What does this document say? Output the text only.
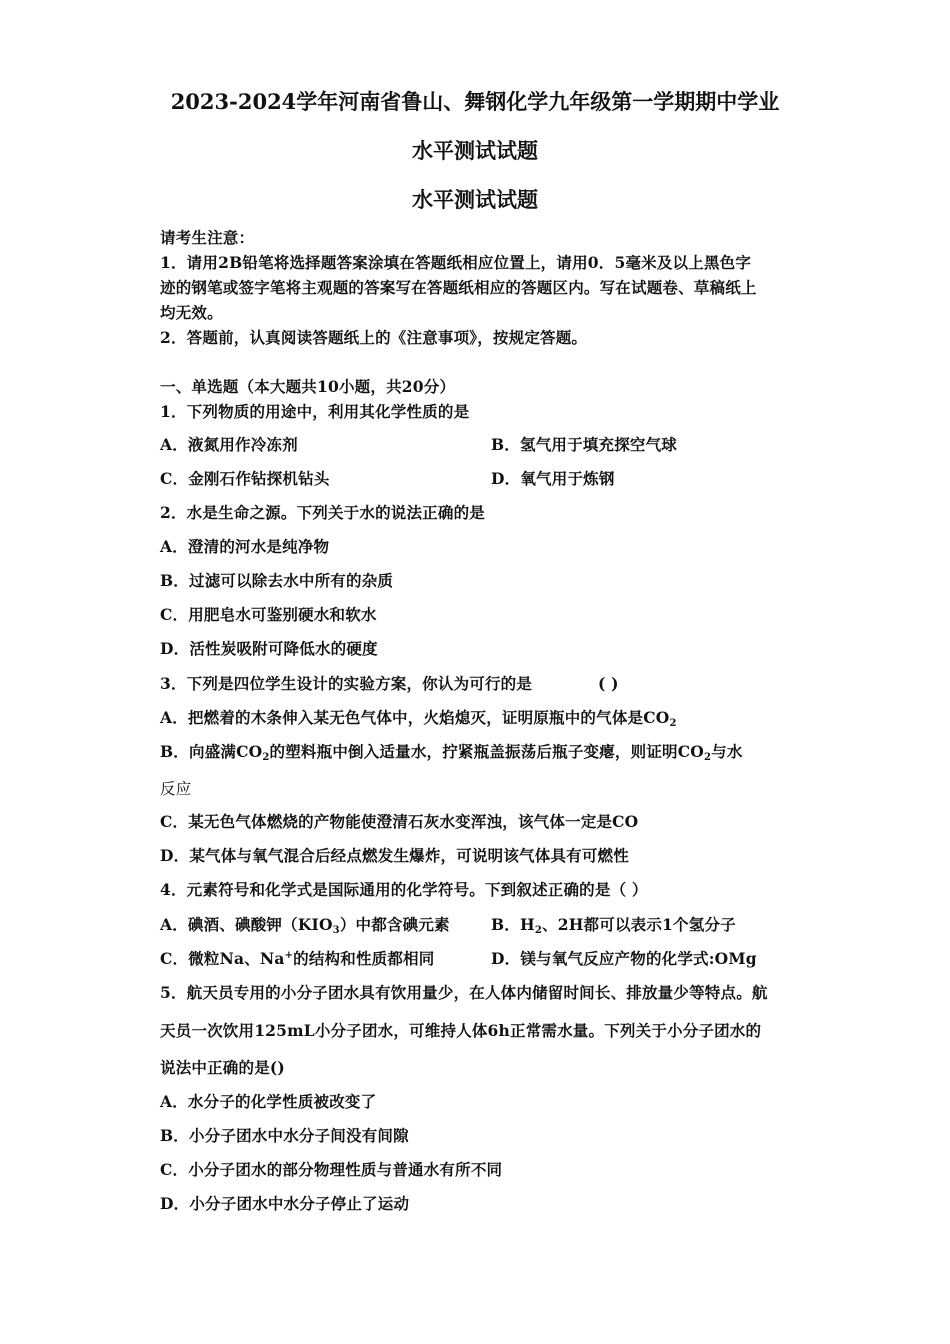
2023-2024学年河南省鲁山、舞钢化学九年级第一学期期中学业
水平测试试题
水平测试试题
请考生注意：
1．请用2B铅笔将选择题答案涂填在答题纸相应位置上，请用0．5毫米及以上黑色字
迹的钢笔或签字笔将主观题的答案写在答题纸相应的答题区内。写在试题卷、草稿纸上
均无效。
2．答题前，认真阅读答题纸上的《注意事项》，按规定答题。
一、单选题（本大题共10小题，共20分）
1．下列物质的用途中，利用其化学性质的是
A．液氮用作冷冻剂	B．氢气用于填充探空气球
C．金刚石作钻探机钻头	D．氧气用于炼钢
2．水是生命之源。下列关于水的说法正确的是
A．澄清的河水是纯净物
B．过滤可以除去水中所有的杂质
C．用肥皂水可鉴别硬水和软水
D．活性炭吸附可降低水的硬度
3．下列是四位学生设计的实验方案，你认为可行的是	( )
A．把燃着的木条伸入某无色气体中，火焰熄灭，证明原瓶中的气体是$CO_2$
B．向盛满$CO_2$的塑料瓶中倒入适量水，拧紧瓶盖振荡后瓶子变瘪，则证明$CO_2$与水
反应
C．某无色气体燃烧的产物能使澄清石灰水变浑浊，该气体一定是CO
D．某气体与氧气混合后经点燃发生爆炸，可说明该气体具有可燃性
4．元素符号和化学式是国际通用的化学符号。下到叙述正确的是（ ）
A．碘酒、碘酸钾$(KIO_3)$中都含碘元素	B．$H_2$、2H都可以表示1个氢分子
C．微粒Na、Na+的结构和性质都相同	D．镁与氧气反应产物的化学式:OMg
5．航天员专用的小分子团水具有饮用量少，在人体内储留时间长、排放量少等特点。航
天员一次饮用125mL小分子团水，可维持人体6h正常需水量。下列关于小分子团水的
说法中正确的是()
A．水分子的化学性质被改变了
B．小分子团水中水分子间没有间隙
C．小分子团水的部分物理性质与普通水有所不同
D．小分子团水中水分子停止了运动
